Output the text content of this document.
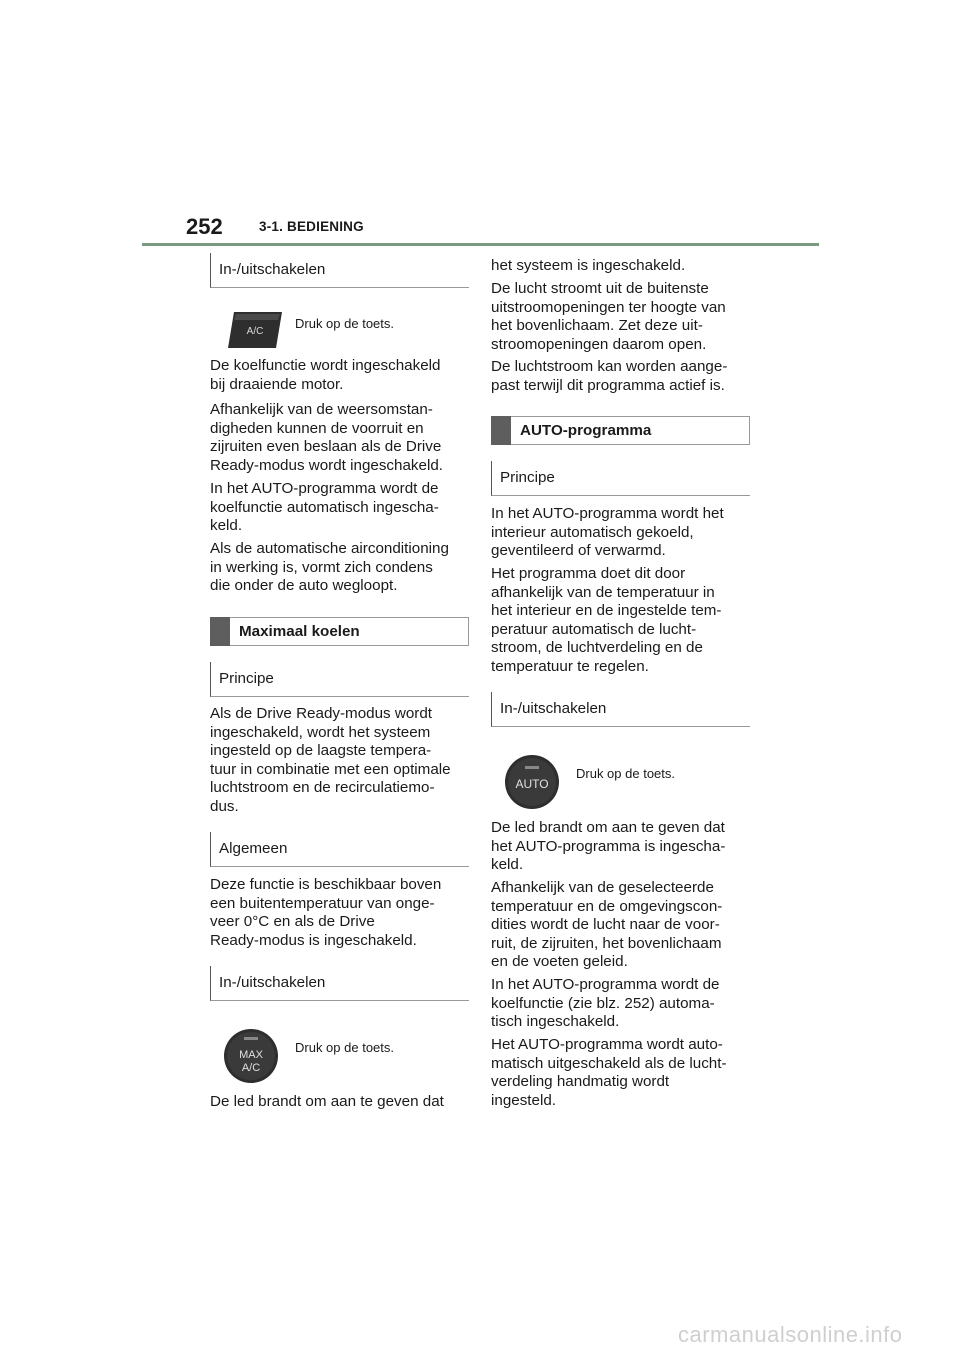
252	3-1. BEDIENING
In-/uitschakelen
A/C
Druk op de toets.

De koelfunctie wordt ingeschakeld

bij draaiende motor.

Afhankelijk van de weersomstan-

digheden kunnen de voorruit en

zijruiten even beslaan als de Drive

Ready-modus wordt ingeschakeld.

In het AUTO-programma wordt de

koelfunctie automatisch ingescha-

keld.

Als de automatische airconditioning

in werking is, vormt zich condens

die onder de auto wegloopt.

Maximaal koelen
Principe

Als de Drive Ready-modus wordt

ingeschakeld, wordt het systeem

ingesteld op de laagste tempera-

tuur in combinatie met een optimale

luchtstroom en de recirculatiemo-

dus.

Algemeen

Deze functie is beschikbaar boven

een buitentemperatuur van onge-

veer 0°C en als de Drive

Ready-modus is ingeschakeld.

In-/uitschakelen
MAX
A/C
Druk op de toets.

De led brandt om aan te geven dat

het systeem is ingeschakeld.

De lucht stroomt uit de buitenste

uitstroomopeningen ter hoogte van

het bovenlichaam. Zet deze uit-

stroomopeningen daarom open.

De luchtstroom kan worden aange-

past terwijl dit programma actief is.

AUTO-programma
Principe

In het AUTO-programma wordt het

interieur automatisch gekoeld,

geventileerd of verwarmd.

Het programma doet dit door

afhankelijk van de temperatuur in

het interieur en de ingestelde tem-

peratuur automatisch de lucht-

stroom, de luchtverdeling en de

temperatuur te regelen.

In-/uitschakelen
AUTO
Druk op de toets.

De led brandt om aan te geven dat

het AUTO-programma is ingescha-

keld.

Afhankelijk van de geselecteerde

temperatuur en de omgevingscon-

dities wordt de lucht naar de voor-

ruit, de zijruiten, het bovenlichaam

en de voeten geleid.

In het AUTO-programma wordt de

koelfunctie (zie blz. 252) automa-

tisch ingeschakeld.

Het AUTO-programma wordt auto-

matisch uitgeschakeld als de lucht-

verdeling handmatig wordt

ingesteld.

carmanualsonline.info
